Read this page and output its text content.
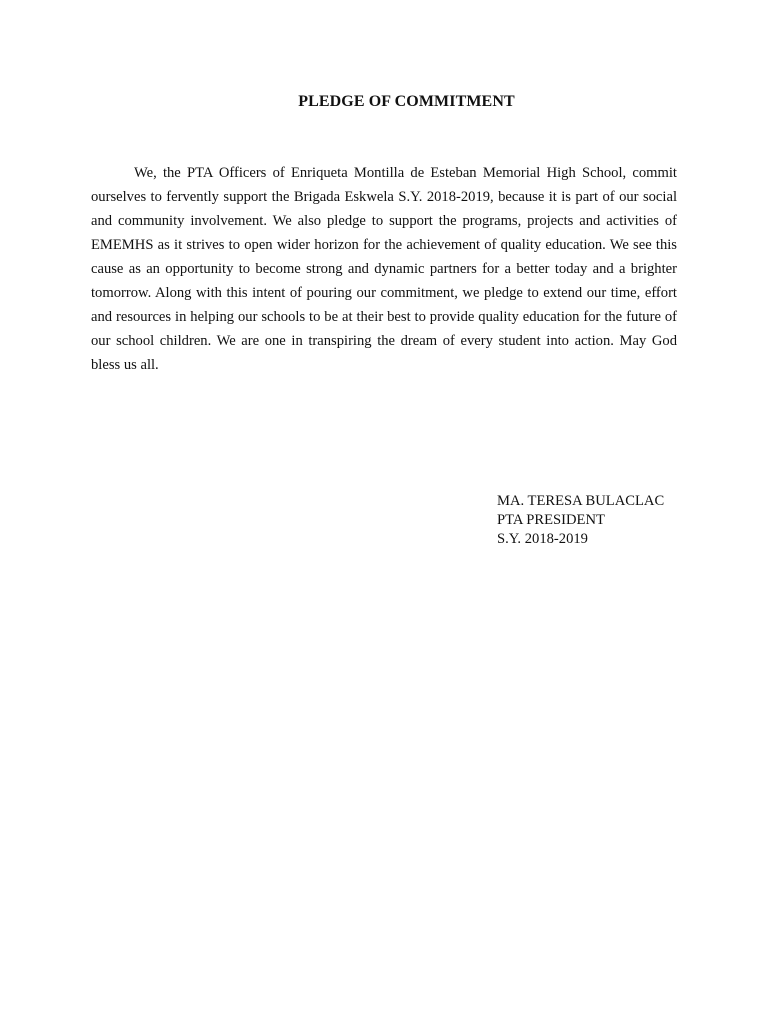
PLEDGE OF COMMITMENT

We, the PTA Officers of Enriqueta Montilla de Esteban Memorial High School, commit ourselves to fervently support the Brigada Eskwela S.Y. 2018-2019, because it is part of our social and community involvement. We also pledge to support the programs, projects and activities of EMEMHS as it strives to open wider horizon for the achievement of quality education. We see this cause as an opportunity to become strong and dynamic partners for a better today and a brighter tomorrow. Along with this intent of pouring our commitment, we pledge to extend our time, effort and resources in helping our schools to be at their best to provide quality education for the future of our school children. We are one in transpiring the dream of every student into action. May God bless us all.

MA. TERESA BULACLAC
PTA PRESIDENT
S.Y. 2018-2019
